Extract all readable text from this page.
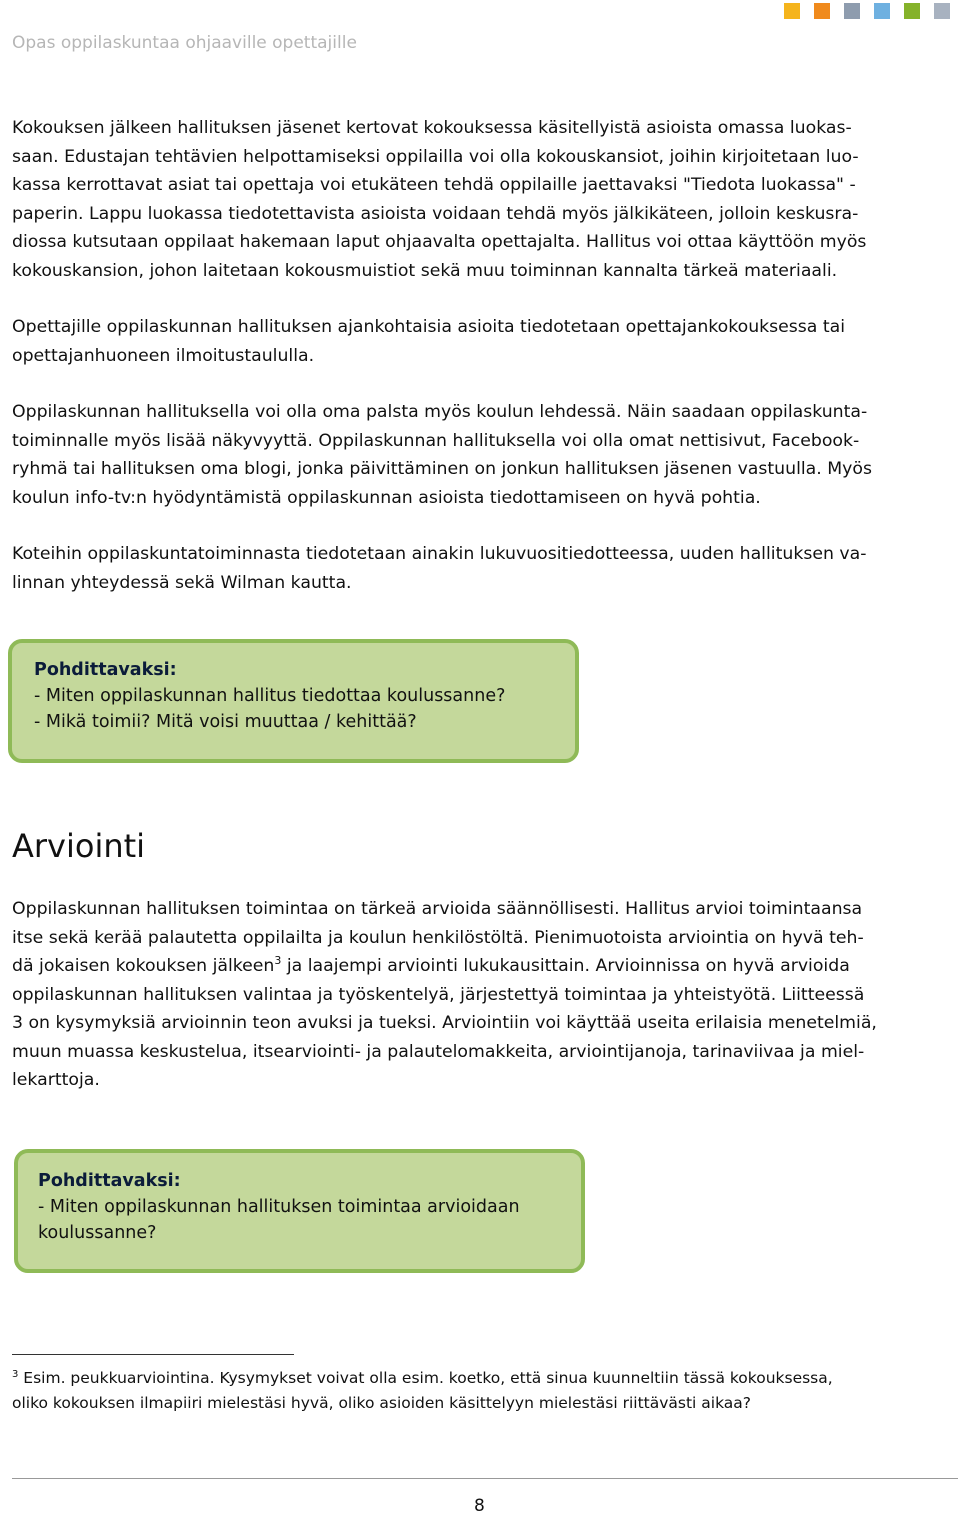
Opas oppilaskuntaa ohjaaville opettajille

Kokouksen jälkeen hallituksen jäsenet kertovat kokouksessa käsitellyistä asioista omassa luokas-
saan. Edustajan tehtävien helpottamiseksi oppilailla voi olla kokouskansiot, joihin kirjoitetaan luo-
kassa kerrottavat asiat tai opettaja voi etukäteen tehdä oppilaille jaettavaksi "Tiedota luokassa" -
paperin. Lappu luokassa tiedotettavista asioista voidaan tehdä myös jälkikäteen, jolloin keskusra-
diossa kutsutaan oppilaat hakemaan laput ohjaavalta opettajalta. Hallitus voi ottaa käyttöön myös
kokouskansion, johon laitetaan kokousmuistiot sekä muu toiminnan kannalta tärkeä materiaali.

Opettajille oppilaskunnan hallituksen ajankohtaisia asioita tiedotetaan opettajankokouksessa tai
opettajanhuoneen ilmoitustaululla.

Oppilaskunnan hallituksella voi olla oma palsta myös koulun lehdessä. Näin saadaan oppilaskunta-
toiminnalle myös lisää näkyvyyttä. Oppilaskunnan hallituksella voi olla omat nettisivut, Facebook-
ryhmä tai hallituksen oma blogi, jonka päivittäminen on jonkun hallituksen jäsenen vastuulla. Myös
koulun info-tv:n hyödyntämistä oppilaskunnan asioista tiedottamiseen on hyvä pohtia.

Koteihin oppilaskuntatoiminnasta tiedotetaan ainakin lukuvuositiedotteessa, uuden hallituksen va-
linnan yhteydessä sekä Wilman kautta.

Pohdittavaksi:
- Miten oppilaskunnan hallitus tiedottaa koulussanne?
- Mikä toimii? Mitä voisi muuttaa / kehittää?
Arviointi

Oppilaskunnan hallituksen toimintaa on tärkeä arvioida säännöllisesti. Hallitus arvioi toimintaansa
itse sekä kerää palautetta oppilailta ja koulun henkilöstöltä. Pienimuotoista arviointia on hyvä teh-
dä jokaisen kokouksen jälkeen$^3$ ja laajempi arviointi lukukausittain. Arvioinnissa on hyvä arvioida
oppilaskunnan hallituksen valintaa ja työskentelyä, järjestettyä toimintaa ja yhteistyötä. Liitteessä
3 on kysymyksiä arvioinnin teon avuksi ja tueksi. Arviointiin voi käyttää useita erilaisia menetelmiä,
muun muassa keskustelua, itsearviointi- ja palautelomakkeita, arviointijanoja, tarinaviivaa ja miel-
lekarttoja.

Pohdittavaksi:
- Miten oppilaskunnan hallituksen toimintaa arvioidaan
koulussanne?
$^3$ Esim. peukkuarviointina. Kysymykset voivat olla esim. koetko, että sinua kuunneltiin tässä kokouksessa,
oliko kokouksen ilmapiiri mielestäsi hyvä, oliko asioiden käsittelyyn mielestäsi riittävästi aikaa?
8
